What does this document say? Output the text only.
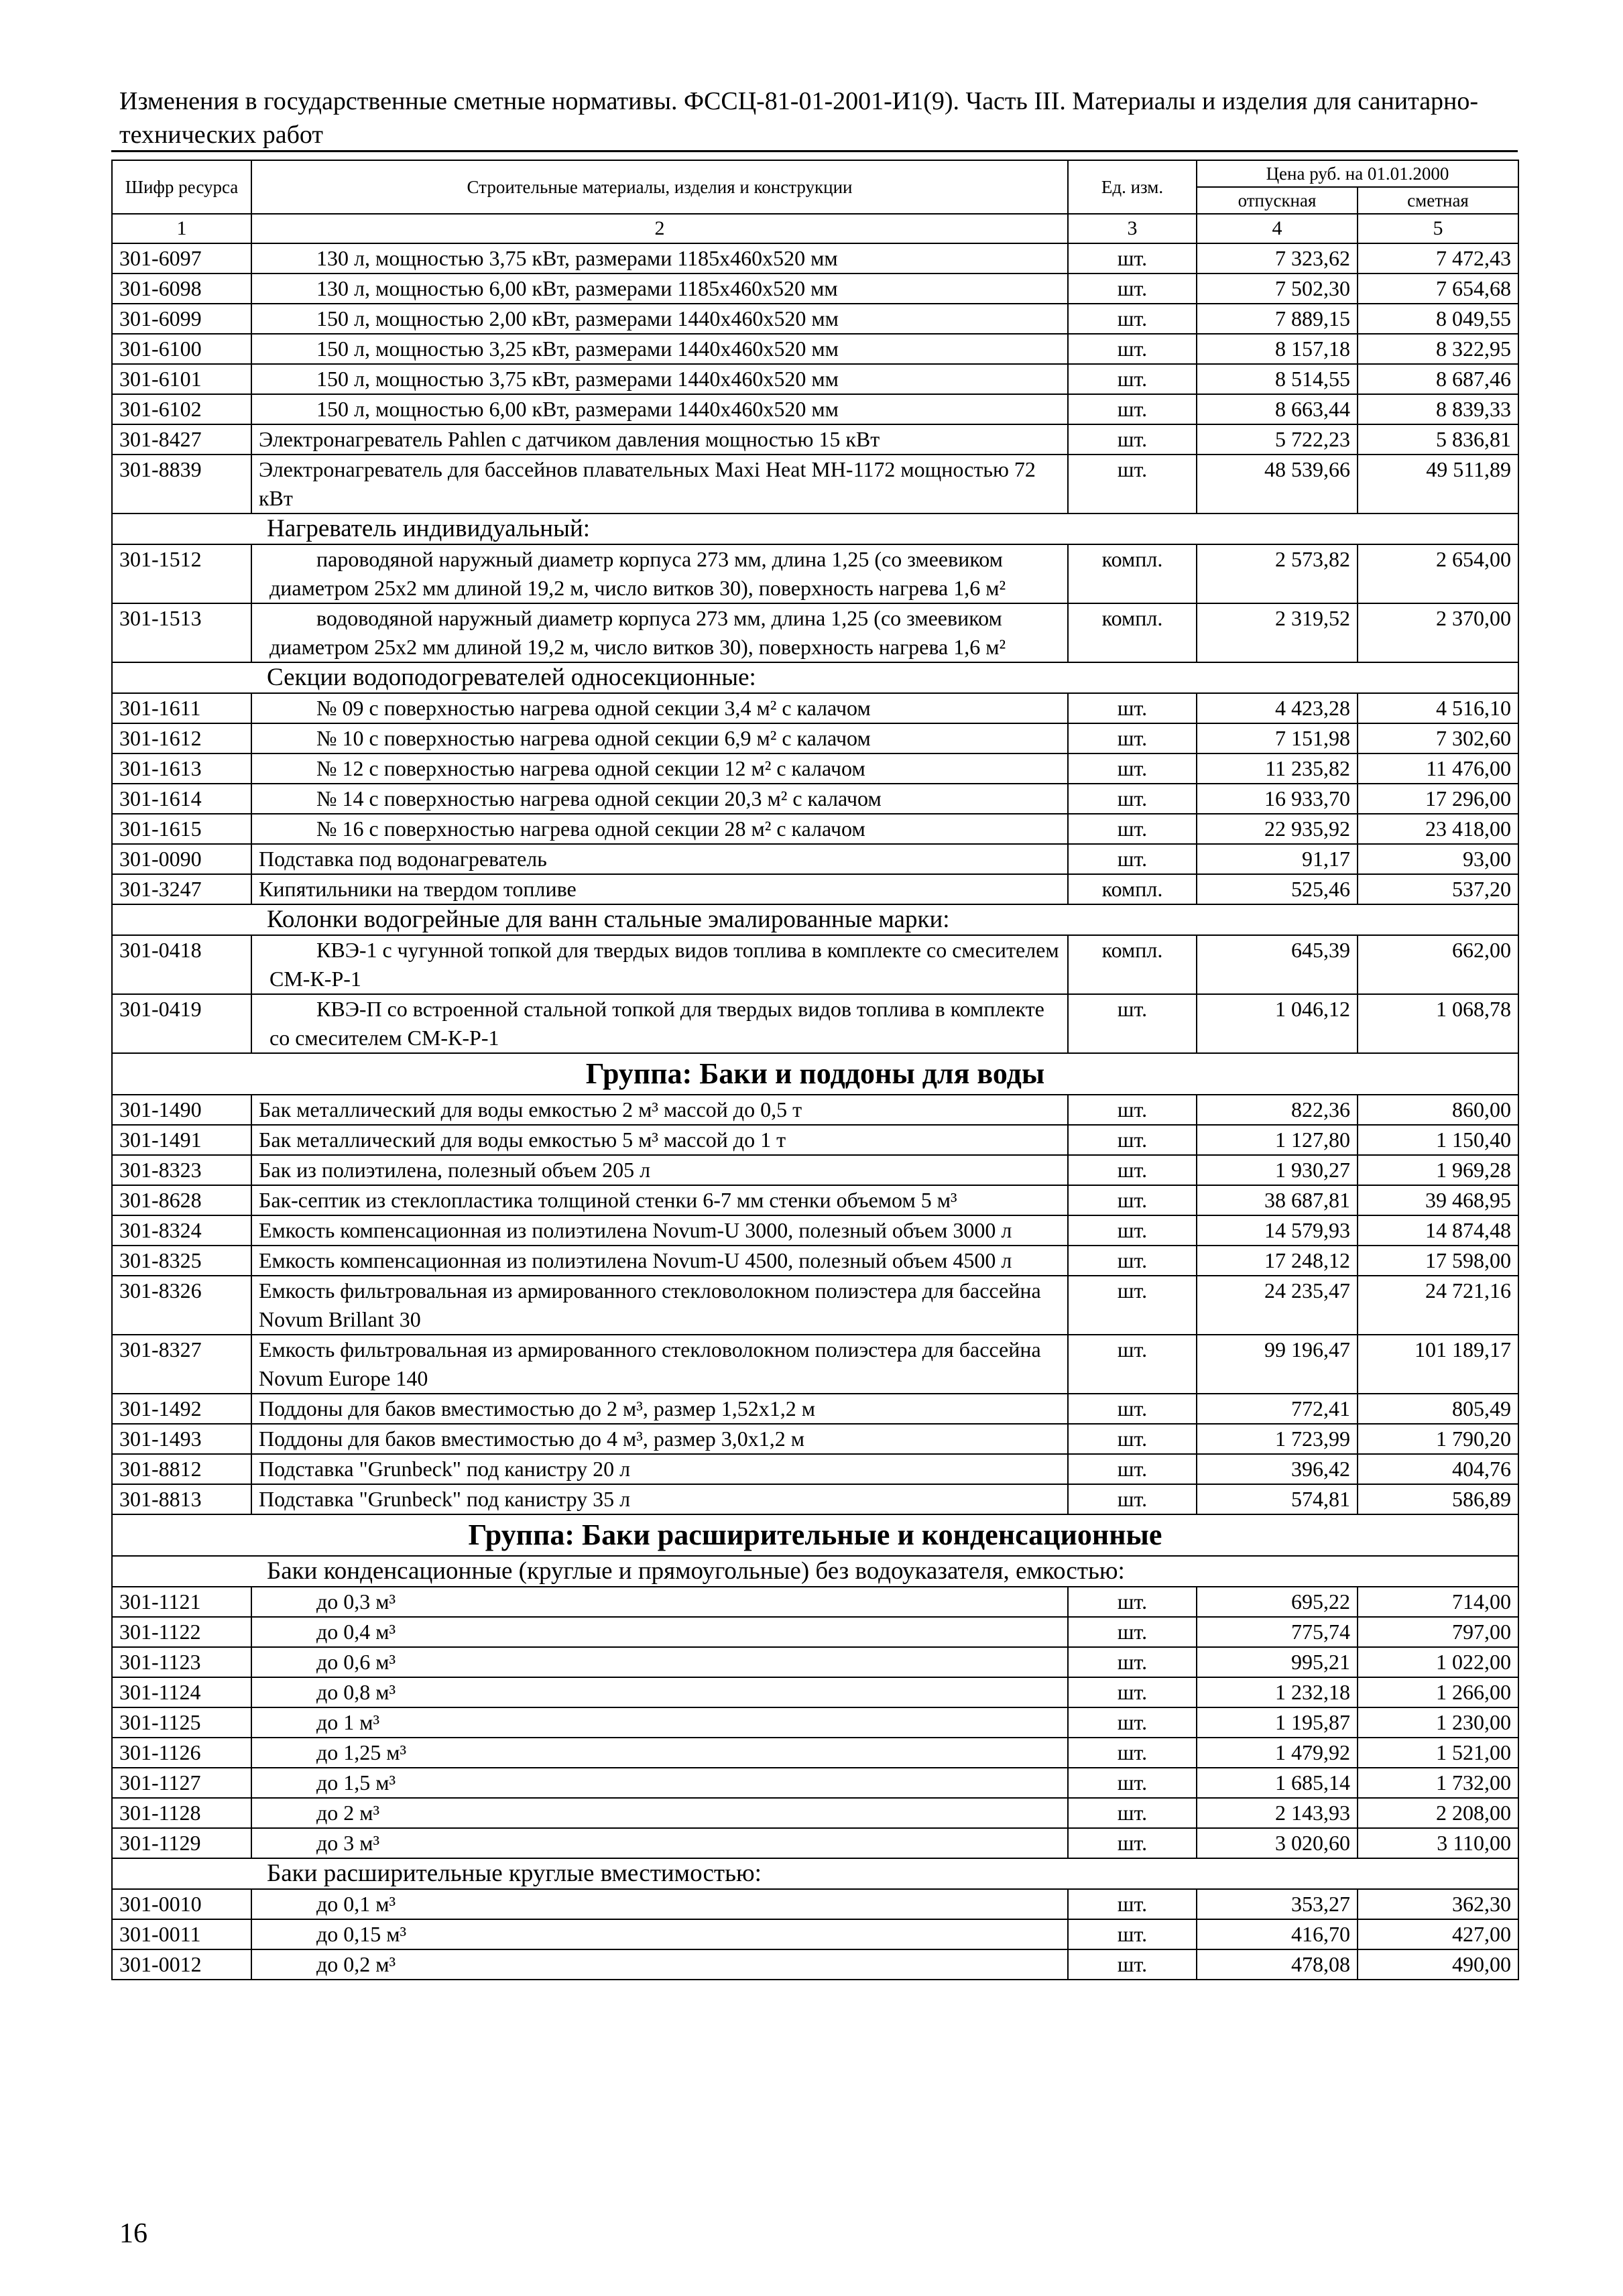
Изменения в государственные сметные нормативы. ФССЦ-81-01-2001-И1(9). Часть III. Материалы и изделия для санитарно-технических работ
Шифр ресурса	Строительные материалы, изделия и конструкции	Ед. изм.	Цена руб. на 01.01.2000	
			отпускная	сметная
1	2	3	4	5
301-6097	130 л, мощностью 3,75 кВт, размерами 1185х460х520 мм	шт.	7 323,62	7 472,43
301-6098	130 л, мощностью 6,00 кВт, размерами 1185х460х520 мм	шт.	7 502,30	7 654,68
301-6099	150 л, мощностью 2,00 кВт, размерами 1440х460х520 мм	шт.	7 889,15	8 049,55
301-6100	150 л, мощностью 3,25 кВт, размерами 1440х460х520 мм	шт.	8 157,18	8 322,95
301-6101	150 л, мощностью 3,75 кВт, размерами 1440х460х520 мм	шт.	8 514,55	8 687,46
301-6102	150 л, мощностью 6,00 кВт, размерами 1440х460х520 мм	шт.	8 663,44	8 839,33
301-8427	Электронагреватель Pahlen с датчиком давления мощностью 15 кВт	шт.	5 722,23	5 836,81
301-8839	Электронагреватель для бассейнов плавательных Maxi Heat MH-1172 мощностью 72 кВт	шт.	48 539,66	49 511,89
Нагреватель индивидуальный:				
301-1512	пароводяной наружный диаметр корпуса 273 мм, длина 1,25 (со змеевиком диаметром 25х2 мм длиной 19,2 м, число витков 30), поверхность нагрева 1,6 м²	компл.	2 573,82	2 654,00
301-1513	водоводяной наружный диаметр корпуса 273 мм, длина 1,25 (со змеевиком диаметром 25х2 мм длиной 19,2 м, число витков 30), поверхность нагрева 1,6 м²	компл.	2 319,52	2 370,00
Секции водоподогревателей односекционные:				
301-1611	№ 09 с поверхностью нагрева одной секции 3,4 м² с калачом	шт.	4 423,28	4 516,10
301-1612	№ 10 с поверхностью нагрева одной секции 6,9 м² с калачом	шт.	7 151,98	7 302,60
301-1613	№ 12 с поверхностью нагрева одной секции 12 м² с калачом	шт.	11 235,82	11 476,00
301-1614	№ 14 с поверхностью нагрева одной секции 20,3 м² с калачом	шт.	16 933,70	17 296,00
301-1615	№ 16 с поверхностью нагрева одной секции 28 м² с калачом	шт.	22 935,92	23 418,00
301-0090	Подставка под водонагреватель	шт.	91,17	93,00
301-3247	Кипятильники на твердом топливе	компл.	525,46	537,20
Колонки водогрейные для ванн стальные эмалированные марки:				
301-0418	КВЭ-1 с чугунной топкой для твердых видов топлива в комплекте со смесителем СМ-К-Р-1	компл.	645,39	662,00
301-0419	КВЭ-П со встроенной стальной топкой для твердых видов топлива в комплекте со смесителем СМ-К-Р-1	шт.	1 046,12	1 068,78
Группа: Баки и поддоны для воды				
301-1490	Бак металлический для воды емкостью 2 м³ массой до 0,5 т	шт.	822,36	860,00
301-1491	Бак металлический для воды емкостью 5 м³ массой до 1 т	шт.	1 127,80	1 150,40
301-8323	Бак из полиэтилена, полезный объем 205 л	шт.	1 930,27	1 969,28
301-8628	Бак-септик из стеклопластика толщиной стенки 6-7 мм стенки объемом 5 м³	шт.	38 687,81	39 468,95
301-8324	Емкость компенсационная из полиэтилена Novum-U 3000, полезный объем 3000 л	шт.	14 579,93	14 874,48
301-8325	Емкость компенсационная из полиэтилена Novum-U 4500, полезный объем 4500 л	шт.	17 248,12	17 598,00
301-8326	Емкость фильтровальная из армированного стекловолокном полиэстера для бассейна Novum Brillant 30	шт.	24 235,47	24 721,16
301-8327	Емкость фильтровальная из армированного стекловолокном полиэстера для бассейна Novum Europe 140	шт.	99 196,47	101 189,17
301-1492	Поддоны для баков вместимостью до 2 м³, размер 1,52х1,2 м	шт.	772,41	805,49
301-1493	Поддоны для баков вместимостью до 4 м³, размер 3,0х1,2 м	шт.	1 723,99	1 790,20
301-8812	Подставка "Grunbeck" под канистру 20 л	шт.	396,42	404,76
301-8813	Подставка "Grunbeck" под канистру 35 л	шт.	574,81	586,89
Группа: Баки расширительные и конденсационные				
Баки конденсационные (круглые и прямоугольные) без водоуказателя, емкостью:				
301-1121	до 0,3 м³	шт.	695,22	714,00
301-1122	до 0,4 м³	шт.	775,74	797,00
301-1123	до 0,6 м³	шт.	995,21	1 022,00
301-1124	до 0,8 м³	шт.	1 232,18	1 266,00
301-1125	до 1 м³	шт.	1 195,87	1 230,00
301-1126	до 1,25 м³	шт.	1 479,92	1 521,00
301-1127	до 1,5 м³	шт.	1 685,14	1 732,00
301-1128	до 2 м³	шт.	2 143,93	2 208,00
301-1129	до 3 м³	шт.	3 020,60	3 110,00
Баки расширительные круглые вместимостью:				
301-0010	до 0,1 м³	шт.	353,27	362,30
301-0011	до 0,15 м³	шт.	416,70	427,00
301-0012	до 0,2 м³	шт.	478,08	490,00
16
